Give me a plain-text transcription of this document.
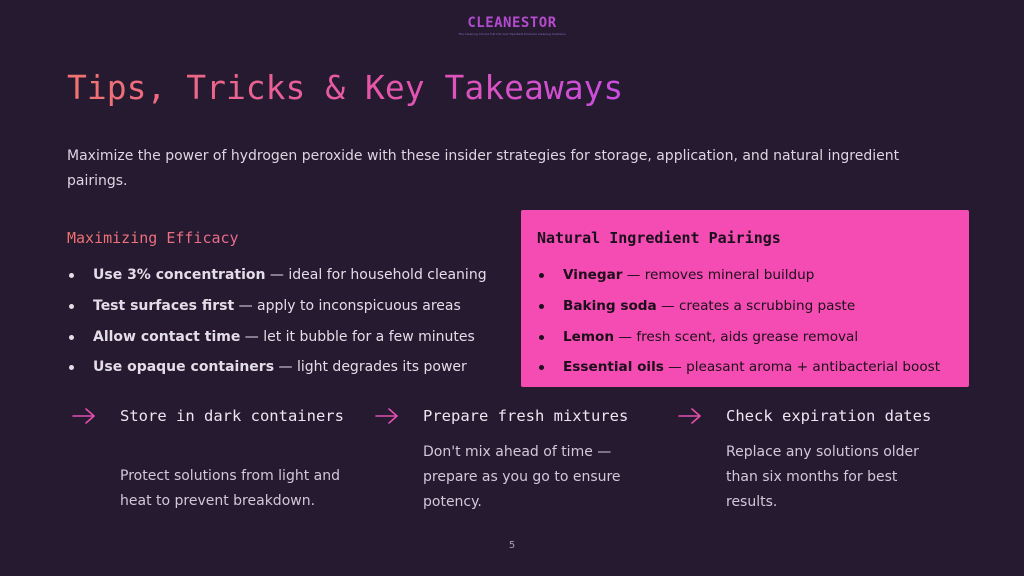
CLEANESTOR
The Cleaning Choice Full Info and Tips Best Products Cleaning Solutions
Tips, Tricks & Key Takeaways

Maximize the power of hydrogen peroxide with these insider strategies for storage, application, and natural ingredient pairings.

Maximizing Efficacy
Use 3% concentration — ideal for household cleaning
Test surfaces first — apply to inconspicuous areas
Allow contact time — let it bubble for a few minutes
Use opaque containers — light degrades its power
Natural Ingredient Pairings
Vinegar — removes mineral buildup
Baking soda — creates a scrubbing paste
Lemon — fresh scent, aids grease removal
Essential oils — pleasant aroma + antibacterial boost
Store in dark containers
Protect solutions from light and heat to prevent breakdown.
Prepare fresh mixtures
Don't mix ahead of time — prepare as you go to ensure potency.
Check expiration dates
Replace any solutions older than six months for best results.
5
